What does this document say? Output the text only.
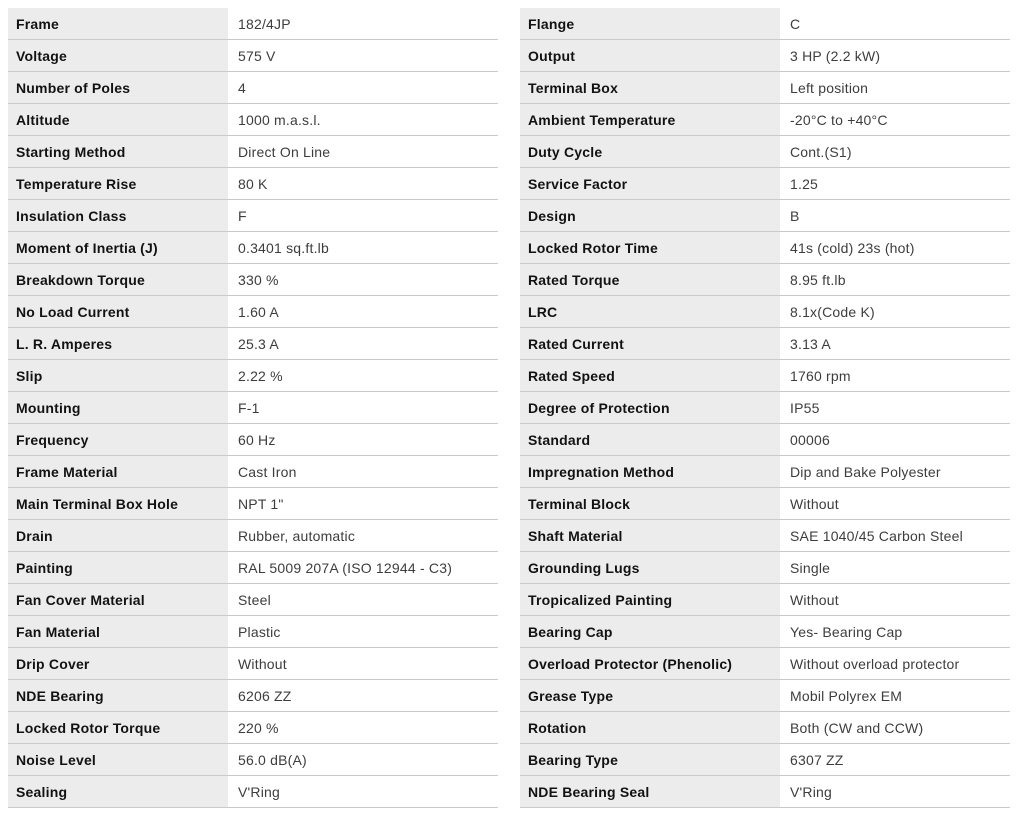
Frame	182/4JP
Voltage	575 V
Number of Poles	4
Altitude	1000 m.a.s.l.
Starting Method	Direct On Line
Temperature Rise	80 K
Insulation Class	F
Moment of Inertia (J)	0.3401 sq.ft.lb
Breakdown Torque	330 %
No Load Current	1.60 A
L. R. Amperes	25.3 A
Slip	2.22 %
Mounting	F-1
Frequency	60 Hz
Frame Material	Cast Iron
Main Terminal Box Hole	NPT 1"
Drain	Rubber, automatic
Painting	RAL 5009 207A (ISO 12944 - C3)
Fan Cover Material	Steel
Fan Material	Plastic
Drip Cover	Without
NDE Bearing	6206 ZZ
Locked Rotor Torque	220 %
Noise Level	56.0 dB(A)
Sealing	V'Ring
Flange	C
Output	3 HP (2.2 kW)
Terminal Box	Left position
Ambient Temperature	-20°C to +40°C
Duty Cycle	Cont.(S1)
Service Factor	1.25
Design	B
Locked Rotor Time	41s (cold) 23s (hot)
Rated Torque	8.95 ft.lb
LRC	8.1x(Code K)
Rated Current	3.13 A
Rated Speed	1760 rpm
Degree of Protection	IP55
Standard	00006
Impregnation Method	Dip and Bake Polyester
Terminal Block	Without
Shaft Material	SAE 1040/45 Carbon Steel
Grounding Lugs	Single
Tropicalized Painting	Without
Bearing Cap	Yes- Bearing Cap
Overload Protector (Phenolic)	Without overload protector
Grease Type	Mobil Polyrex EM
Rotation	Both (CW and CCW)
Bearing Type	6307 ZZ
NDE Bearing Seal	V'Ring
